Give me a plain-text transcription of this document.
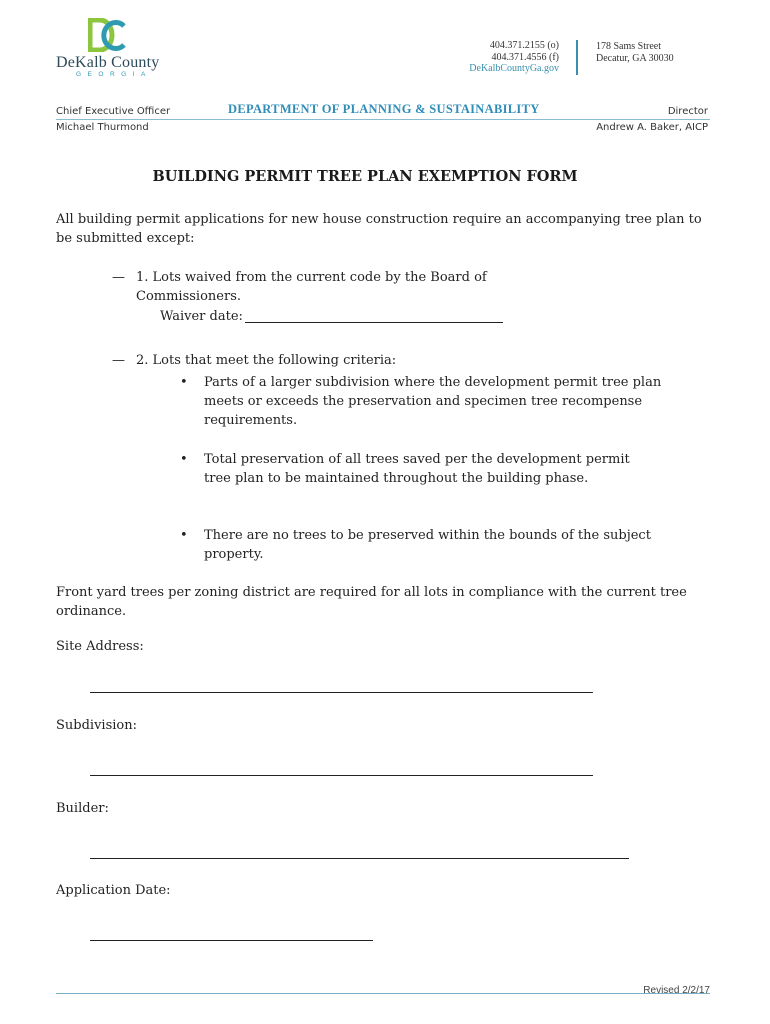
DeKalb County
GEORGIA
404.371.2155 (o)
404.371.4556 (f)
DeKalbCountyGa.gov
178 Sams Street
Decatur, GA 30030
Chief Executive Officer
Michael Thurmond
DEPARTMENT OF PLANNING & SUSTAINABILITY	Director
Andrew A. Baker, AICP
BUILDING PERMIT TREE PLAN EXEMPTION FORM
All building permit applications for new house construction require an accompanying tree plan to be submitted except:
— 1. Lots waived from the current code by the Board of Commissioners.
Waiver date:
— 2. Lots that meet the following criteria:
• Parts of a larger subdivision where the development permit tree plan meets or exceeds the preservation and specimen tree recompense requirements.
• Total preservation of all trees saved per the development permit tree plan to be maintained throughout the building phase.
• There are no trees to be preserved within the bounds of the subject property.
Front yard trees per zoning district are required for all lots in compliance with the current tree ordinance.
Site Address:
Subdivision:
Builder:
Application Date:
Revised 2/2/17
